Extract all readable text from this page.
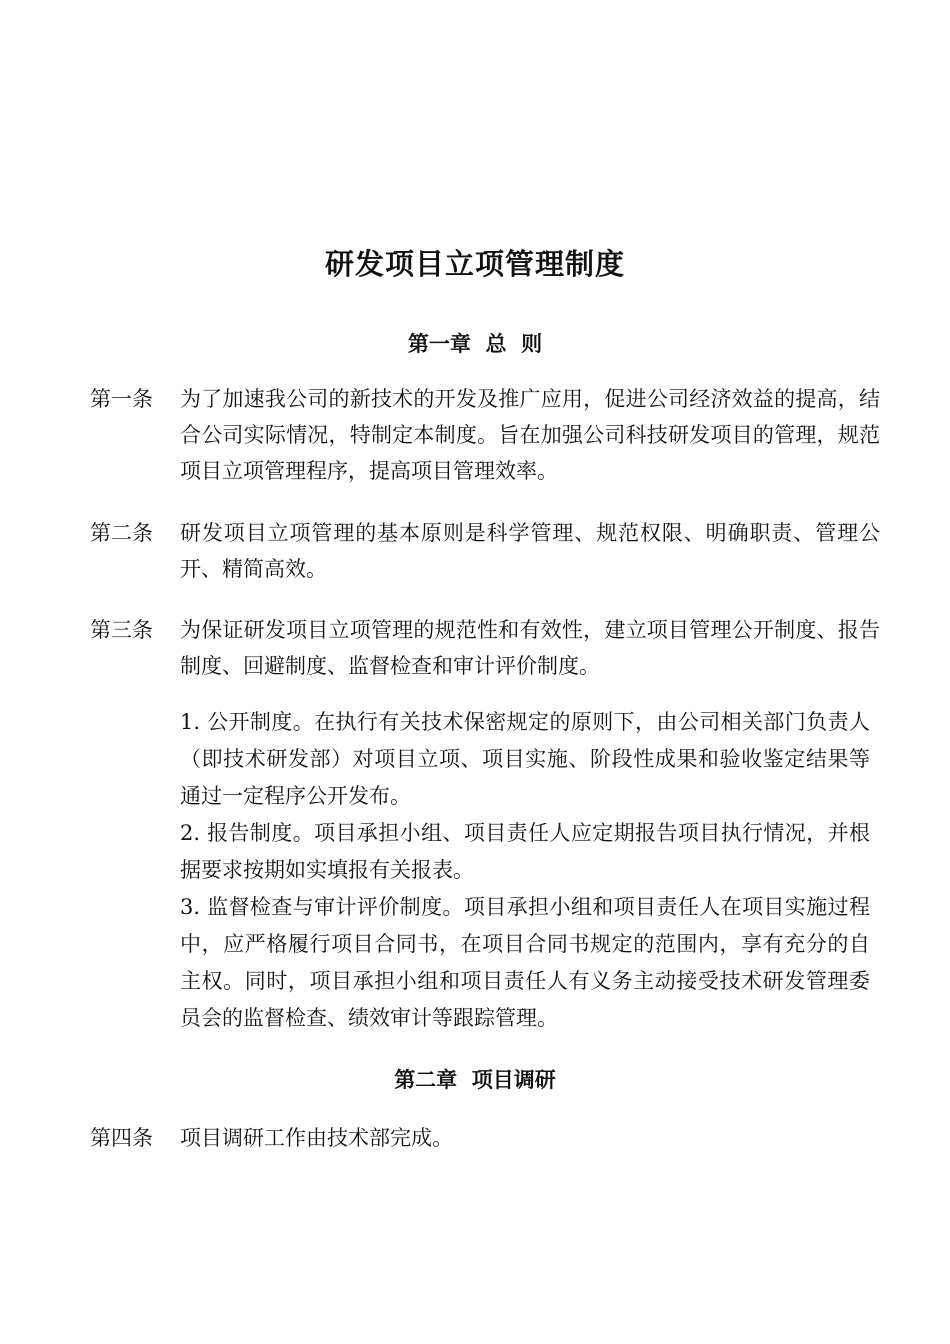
研发项目立项管理制度
第一章  总  则
第一条	为了加速我公司的新技术的开发及推广应用，促进公司经济效益的提高，结合公司实际情况，特制定本制度。旨在加强公司科技研发项目的管理，规范项目立项管理程序，提高项目管理效率。
第二条	研发项目立项管理的基本原则是科学管理、规范权限、明确职责、管理公开、精简高效。
第三条	为保证研发项目立项管理的规范性和有效性，建立项目管理公开制度、报告制度、回避制度、监督检查和审计评价制度。

1. 公开制度。在执行有关技术保密规定的原则下，由公司相关部门负责人（即技术研发部）对项目立项、项目实施、阶段性成果和验收鉴定结果等通过一定程序公开发布。

2. 报告制度。项目承担小组、项目责任人应定期报告项目执行情况，并根据要求按期如实填报有关报表。

3. 监督检查与审计评价制度。项目承担小组和项目责任人在项目实施过程中，应严格履行项目合同书，在项目合同书规定的范围内，享有充分的自主权。同时，项目承担小组和项目责任人有义务主动接受技术研发管理委员会的监督检查、绩效审计等跟踪管理。

第二章  项目调研
第四条	项目调研工作由技术部完成。
